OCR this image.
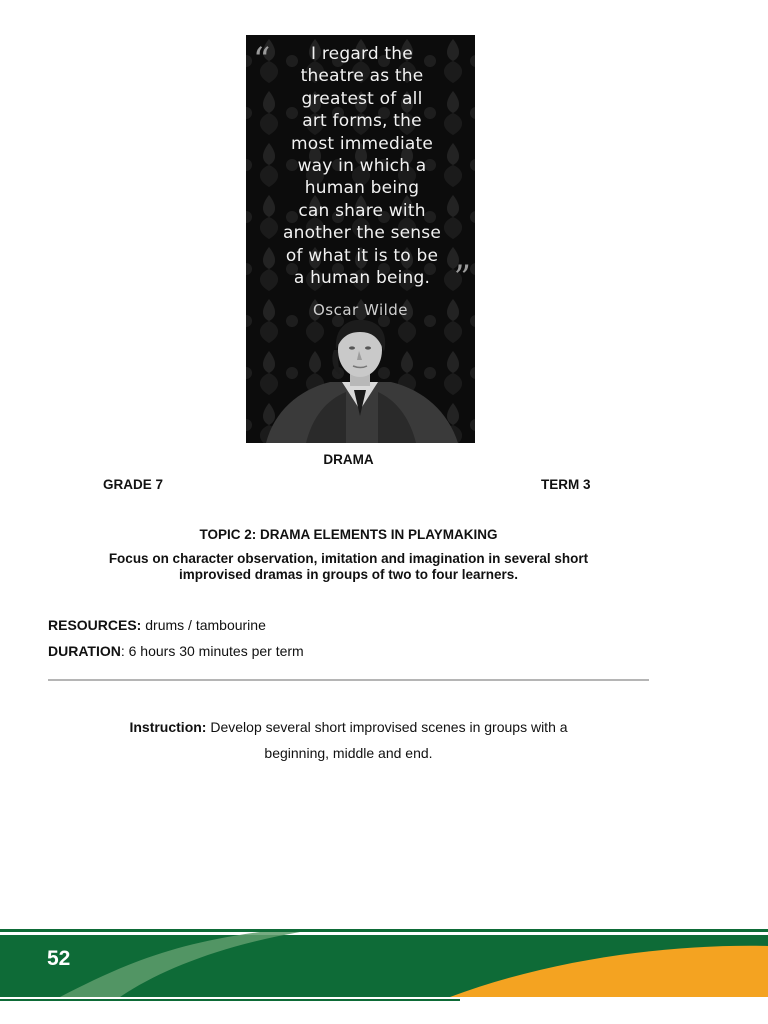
“
”
I regard the
theatre as the
greatest of all
art forms, the
most immediate
way in which a
human being
can share with
another the sense
of what it is to be
a human being.
Oscar Wilde
DRAMA
GRADE 7	TERM 3
TOPIC 2: DRAMA ELEMENTS IN PLAYMAKING
Focus on character observation, imitation and imagination in several short improvised dramas in groups of two to four learners.
RESOURCES: drums / tambourine
DURATION: 6 hours 30 minutes per term
Instruction: Develop several short improvised scenes in groups with a beginning, middle and end.
52
